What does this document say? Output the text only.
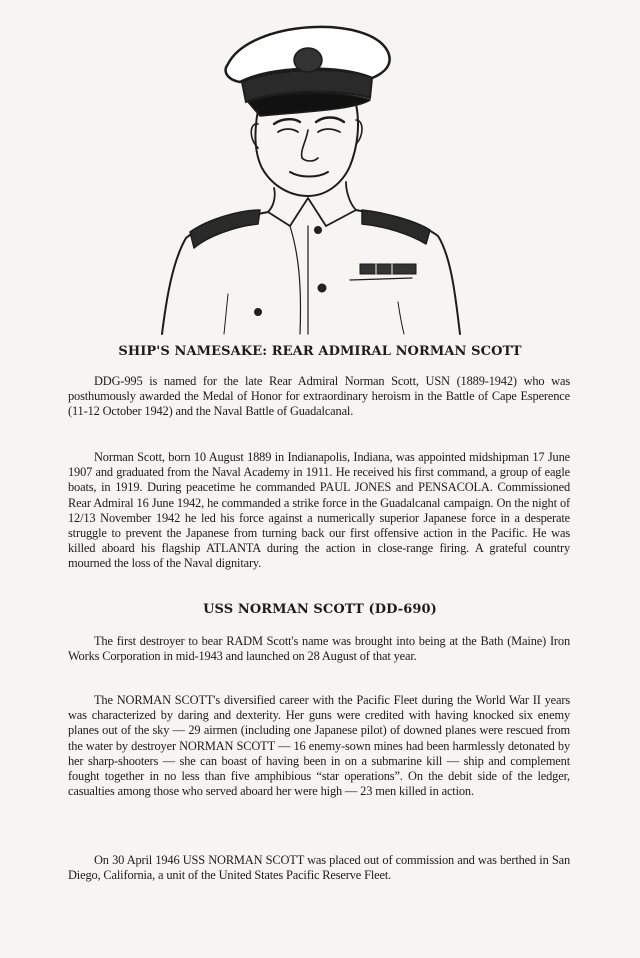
SHIP'S NAMESAKE: REAR ADMIRAL NORMAN SCOTT

DDG-995 is named for the late Rear Admiral Norman Scott, USN (1889-1942) who was posthumously awarded the Medal of Honor for extraordinary heroism in the Battle of Cape Esperence (11-12 October 1942) and the Naval Battle of Guadalcanal.

Norman Scott, born 10 August 1889 in Indianapolis, Indiana, was appointed midshipman 17 June 1907 and graduated from the Naval Academy in 1911. He received his first command, a group of eagle boats, in 1919. During peacetime he commanded PAUL JONES and PENSACOLA. Commissioned Rear Admiral 16 June 1942, he commanded a strike force in the Guadalcanal campaign. On the night of 12/13 November 1942 he led his force against a numerically superior Japanese force in a desperate struggle to prevent the Japanese from turning back our first offensive action in the Pacific. He was killed aboard his flagship ATLANTA during the action in close-range firing. A grateful country mourned the loss of the Naval dignitary.

USS NORMAN SCOTT (DD-690)

The first destroyer to bear RADM Scott's name was brought into being at the Bath (Maine) Iron Works Corporation in mid-1943 and launched on 28 August of that year.

The NORMAN SCOTT's diversified career with the Pacific Fleet during the World War II years was characterized by daring and dexterity. Her guns were credited with having knocked six enemy planes out of the sky — 29 airmen (including one Japanese pilot) of downed planes were rescued from the water by destroyer NORMAN SCOTT — 16 enemy-sown mines had been harmlessly detonated by her sharp-shooters — she can boast of having been in on a submarine kill — ship and complement fought together in no less than five amphibious “star operations”. On the debit side of the ledger, casualties among those who served aboard her were high — 23 men killed in action.

On 30 April 1946 USS NORMAN SCOTT was placed out of commission and was berthed in San Diego, California, a unit of the United States Pacific Reserve Fleet.
